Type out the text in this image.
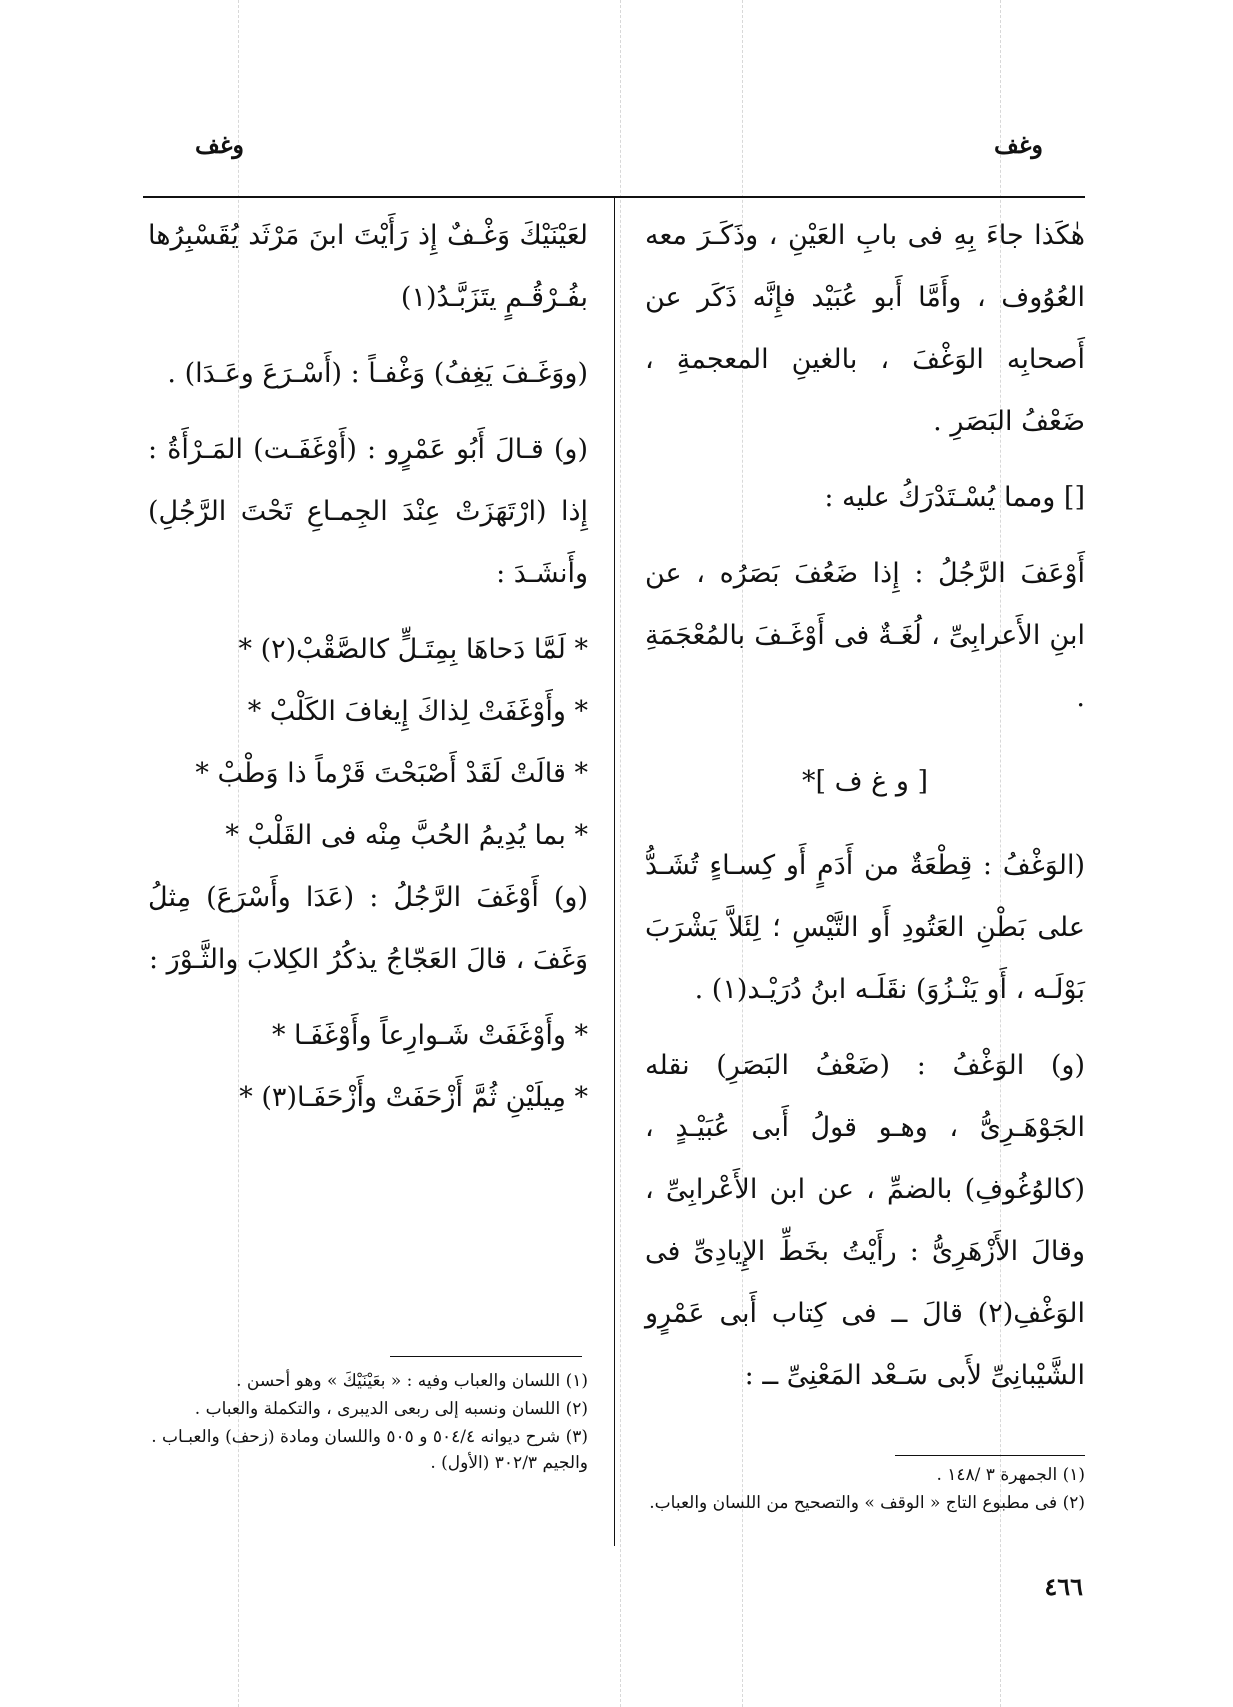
وغف
وغف

هٰكَذا جاءَ بِهِ فى بابِ العَيْنِ ، وذَكَـرَ معه العُوُوف ، وأَمَّا أَبو عُبَيْد فإِنَّه ذَكَر عن أَصحابِه الوَغْفَ ، بالغينِ المعجمةِ ، ضَعْفُ البَصَرِ .

[] ومما يُسْـتَدْرَكُ عليه :

أَوْعَفَ الرَّجُلُ : إِذا ضَعُفَ بَصَرُه ، عن ابنِ الأَعرابِىِّ ، لُغَـةٌ فى أَوْغَـفَ بالمُعْجَمَةِ .

[ و غ ف ]*

(الوَغْفُ : قِطْعَةٌ من أَدَمٍ أَو كِسـاءٍ تُشَـدُّ على بَطْنِ العَتُودِ أَو التَّيْسِ ؛ لِئَلاَّ يَشْرَبَ بَوْلَـه ، أَو يَنْـزُوَ) نقَلَـه ابنُ دُرَيْـد(١) .

(و) الوَغْفُ : (ضَعْفُ البَصَرِ) نقله الجَوْهَـرِىُّ ، وهـو قولُ أَبى عُبَيْـدٍ ، (كالوُغُوفِ) بالضمِّ ، عن ابن الأَعْرابِىِّ ، وقالَ الأَزْهَرِىُّ : رأَيْتُ بخَطِّ الإِيادِىِّ فى الوَغْفِ(٢) قالَ ــ فى كِتاب أَبى عَمْرٍو الشَّيْبانِىِّ لأَبى سَـعْد المَعْنِىِّ ــ :

لعَيْنَيْكَ وَغْـفٌ إِذ رَأَيْتَ ابنَ مَرْثَد يُقَسْبِرُها بفُـرْقُـمٍ يتَزَبَّـدُ(١)

(ووَغَـفَ يَغِفُ) وَغْفـاً : (أَسْـرَعَ وعَـدَا) .

(و) قـالَ أَبُو عَمْرٍو : (أَوْغَفَـت) المَـرْأَةُ : إِذا (ارْتَهَزَتْ عِنْدَ الجِمـاعِ تَحْتَ الرَّجُلِ) وأَنشَـدَ :

* لَمَّا دَحاهَا بِمِتَـلٍّ كالصَّقْبْ(٢) *

* وأَوْغَفَتْ لِذاكَ إِيغافَ الكَلْبْ *

* قالَتْ لَقَدْ أَصْبَحْتَ قَرْماً ذا وَطْبْ *

* بما يُدِيمُ الحُبَّ مِنْه فى القَلْبْ *

(و) أَوْغَفَ الرَّجُلُ : (عَدَا وأَسْرَعَ) مِثلُ وَغَفَ ، قالَ العَجّاجُ يذكُرُ الكِلابَ والثَّـوْرَ :

* وأَوْغَفَتْ شَـوارِعاً وأَوْغَفَـا *

* مِيلَيْنِ ثُمَّ أَزْحَفَتْ وأَزْحَفَـا(٣) *

(١) الجمهرة ٣ /١٤٨ .
(٢) فى مطبوع التاج « الوقف » والتصحيح من اللسان والعباب.
(١) اللسان والعباب وفيه : « بعَيْنَيْكَ » وهو أحسن .
(٢) اللسان ونسبه إلى ربعى الديبرى ، والتكملة والعباب .
(٣) شرح ديوانه ٥٠٤/٤ و ٥٠٥ واللسان ومادة (زحف) والعبـاب . والجيم ٣٠٢/٣ (الأول) .
٤٦٦
